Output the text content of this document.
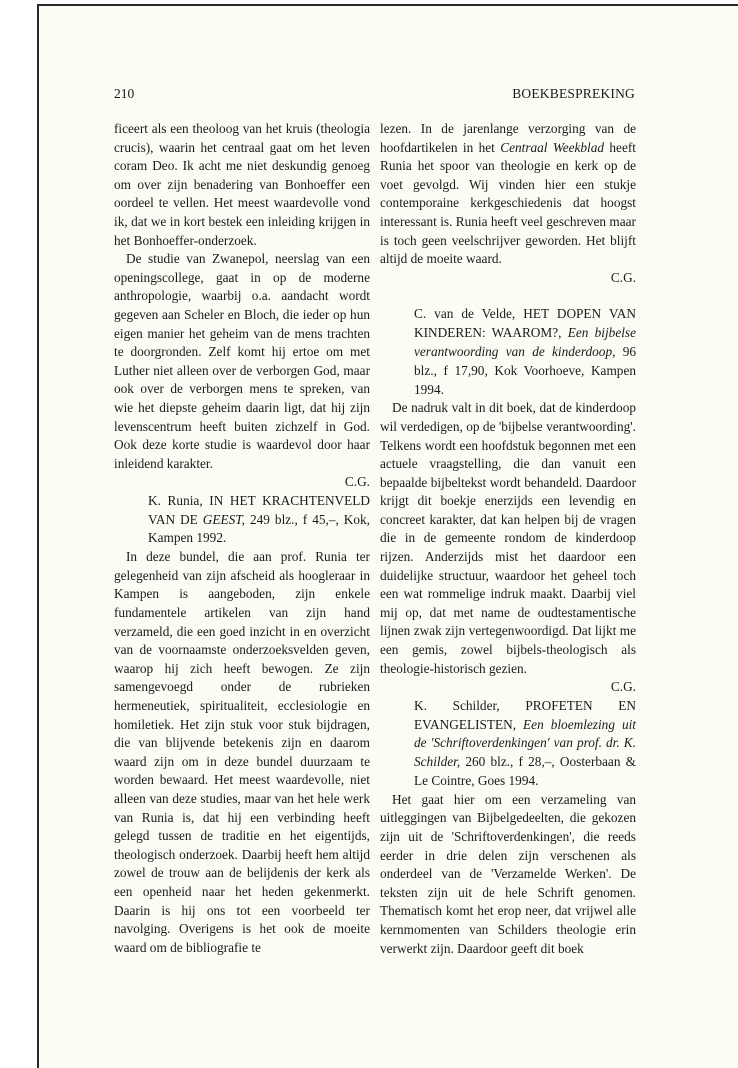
210	BOEKBESPREKING

ficeert als een theoloog van het kruis (theologia crucis), waarin het centraal gaat om het leven coram Deo. Ik acht me niet deskundig genoeg om over zijn benadering van Bonhoeffer een oordeel te vellen. Het meest waardevolle vond ik, dat we in kort bestek een inleiding krijgen in het Bonhoeffer-onderzoek.

De studie van Zwanepol, neerslag van een openingscollege, gaat in op de moderne anthropologie, waarbij o.a. aandacht wordt gegeven aan Scheler en Bloch, die ieder op hun eigen manier het geheim van de mens trachten te doorgronden. Zelf komt hij ertoe om met Luther niet alleen over de verborgen God, maar ook over de verborgen mens te spreken, van wie het diepste geheim daarin ligt, dat hij zijn levenscentrum heeft buiten zichzelf in God. Ook deze korte studie is waardevol door haar inleidend karakter.

C.G.

K. Runia, IN HET KRACHTENVELD VAN DE GEEST, 249 blz., f 45,–, Kok, Kampen 1992.

In deze bundel, die aan prof. Runia ter gelegenheid van zijn afscheid als hoogleraar in Kampen is aangeboden, zijn enkele fundamentele artikelen van zijn hand verzameld, die een goed inzicht in en overzicht van de voornaamste onderzoeksvelden geven, waarop hij zich heeft bewogen. Ze zijn samengevoegd onder de rubrieken hermeneutiek, spiritualiteit, ecclesiologie en homiletiek. Het zijn stuk voor stuk bijdragen, die van blijvende betekenis zijn en daarom waard zijn om in deze bundel duurzaam te worden bewaard. Het meest waardevolle, niet alleen van deze studies, maar van het hele werk van Runia is, dat hij een verbinding heeft gelegd tussen de traditie en het eigentijds, theologisch onderzoek. Daarbij heeft hem altijd zowel de trouw aan de belijdenis der kerk als een openheid naar het heden gekenmerkt. Daarin is hij ons tot een voorbeeld ter navolging. Overigens is het ook de moeite waard om de bibliografie te

lezen. In de jarenlange verzorging van de hoofdartikelen in het Centraal Weekblad heeft Runia het spoor van theologie en kerk op de voet gevolgd. Wij vinden hier een stukje contemporaine kerkgeschiedenis dat hoogst interessant is. Runia heeft veel geschreven maar is toch geen veelschrijver geworden. Het blijft altijd de moeite waard.

C.G.

C. van de Velde, HET DOPEN VAN KINDEREN: WAAROM?, Een bijbelse verantwoording van de kinderdoop, 96 blz., f 17,90, Kok Voorhoeve, Kampen 1994.

De nadruk valt in dit boek, dat de kinderdoop wil verdedigen, op de 'bijbelse verantwoording'. Telkens wordt een hoofdstuk begonnen met een actuele vraagstelling, die dan vanuit een bepaalde bijbeltekst wordt behandeld. Daardoor krijgt dit boekje enerzijds een levendig en concreet karakter, dat kan helpen bij de vragen die in de gemeente rondom de kinderdoop rijzen. Anderzijds mist het daardoor een duidelijke structuur, waardoor het geheel toch een wat rommelige indruk maakt. Daarbij viel mij op, dat met name de oudtestamentische lijnen zwak zijn vertegenwoordigd. Dat lijkt me een gemis, zowel bijbels-theologisch als theologie-historisch gezien.

C.G.

K. Schilder, PROFETEN EN EVANGELISTEN, Een bloemlezing uit de 'Schriftoverdenkingen' van prof. dr. K. Schilder, 260 blz., f 28,–, Oosterbaan & Le Cointre, Goes 1994.

Het gaat hier om een verzameling van uitleggingen van Bijbelgedeelten, die gekozen zijn uit de 'Schriftoverdenkingen', die reeds eerder in drie delen zijn verschenen als onderdeel van de 'Verzamelde Werken'. De teksten zijn uit de hele Schrift genomen. Thematisch komt het erop neer, dat vrijwel alle kernmomenten van Schilders theologie erin verwerkt zijn. Daardoor geeft dit boek
